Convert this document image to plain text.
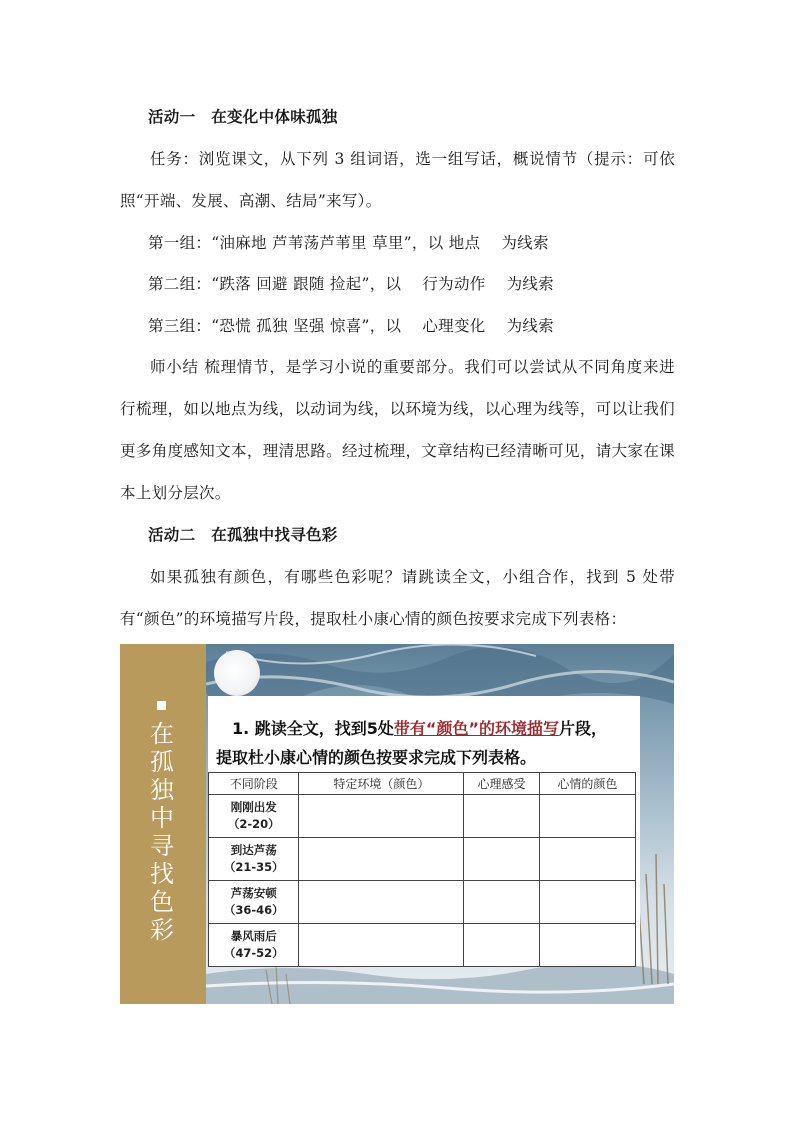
活动一　在变化中体味孤独

任务：浏览课文，从下列 3 组词语，选一组写话，概说情节（提示：可依照“开端、发展、高潮、结局”来写）。

第一组：“油麻地 芦苇荡芦苇里 草里”，以 地点 　为线索

第二组：“跌落 回避 跟随 捡起”，以　 行为动作 　为线索

第三组：“恐慌 孤独 坚强 惊喜”，以　 心理变化 　为线索

师小结 梳理情节，是学习小说的重要部分。我们可以尝试从不同角度来进行梳理，如以地点为线，以动词为线，以环境为线，以心理为线等，可以让我们更多角度感知文本，理清思路。经过梳理，文章结构已经清晰可见，请大家在课本上划分层次。

活动二　在孤独中找寻色彩

如果孤独有颜色，有哪些色彩呢？请跳读全文，小组合作，找到 5 处带有“颜色”的环境描写片段，提取杜小康心情的颜色按要求完成下列表格：

在孤独中寻找色彩
1. 跳读全文，找到5处带有“颜色”的环境描写片段，
提取杜小康心情的颜色按要求完成下列表格。
不同阶段	特定环境（颜色）	心理感受	心情的颜色
刚刚出发
（2-20）			
到达芦荡
（21-35）			
芦荡安顿
（36-46）			
暴风雨后
（47-52）			
